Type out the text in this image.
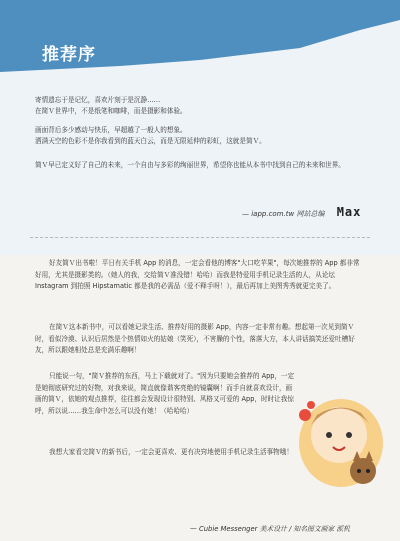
推荐序
寄情遗忘于是记忆，喜欢片刻于是沉静……
在简Ｖ世界中，不是纸笔和咖啡，而是摄影和体验。
画面背后多少感动与快乐，早超越了一般人的想象。
洒满天空的色彩不是你我看到的蓝天白云，而是无限延伸的彩虹，这就是简Ｖ。
简Ｖ早已定义好了自己的未来，一个自由与多彩的绚丽世界，希望你也能从本书中找到自己的未来和世界。
— iapp.com.tw 网站总编 Max
好友简Ｖ出书啦！平日有关手机 App 的消息，一定会看他的博客"大口吃苹果"，每次她推荐的 App 都非常好用，尤其是摄影类的。（她人的我，交给简Ｖ准没错！哈哈）而我是特爱用手机记录生活的人，从论坛 Instagram 到拍照 Hipstamatic 都是我的必需品（爱不释手呀！），最后再加上美图秀秀就更完美了。
在简Ｖ这本新书中，可以看她记录生活、推荐好用的摄影 App，内容一定非常有趣。想起第一次见到简Ｖ时，看似冷漠、认识后居然是个热情如火的姑娘（笑死），不害臊的个性，落落大方，本人讲话搞笑还爱吐槽好友，所以跟她相处总是充满乐趣啊！
只能说一句，"简Ｖ推荐的东西，马上下载就对了。"因为只要她会推荐的 App，一定是她彻底研究过的好物，对我来说，简直就像谐客亮绝的镜囊啊！而手自就喜欢设计，画画的简Ｖ，依她的观点推荐，往往都会发现设计很特别、风格又可爱的 App，时时让我惊呼，所以说……我生命中怎么可以没有她！（哈哈哈）
我想大家看完简Ｖ的新书后，一定会更喜欢、更有决窍地使用手机记录生活事物哦！
— Cubie Messenger 美术设计 / 知名图文画家 派机
